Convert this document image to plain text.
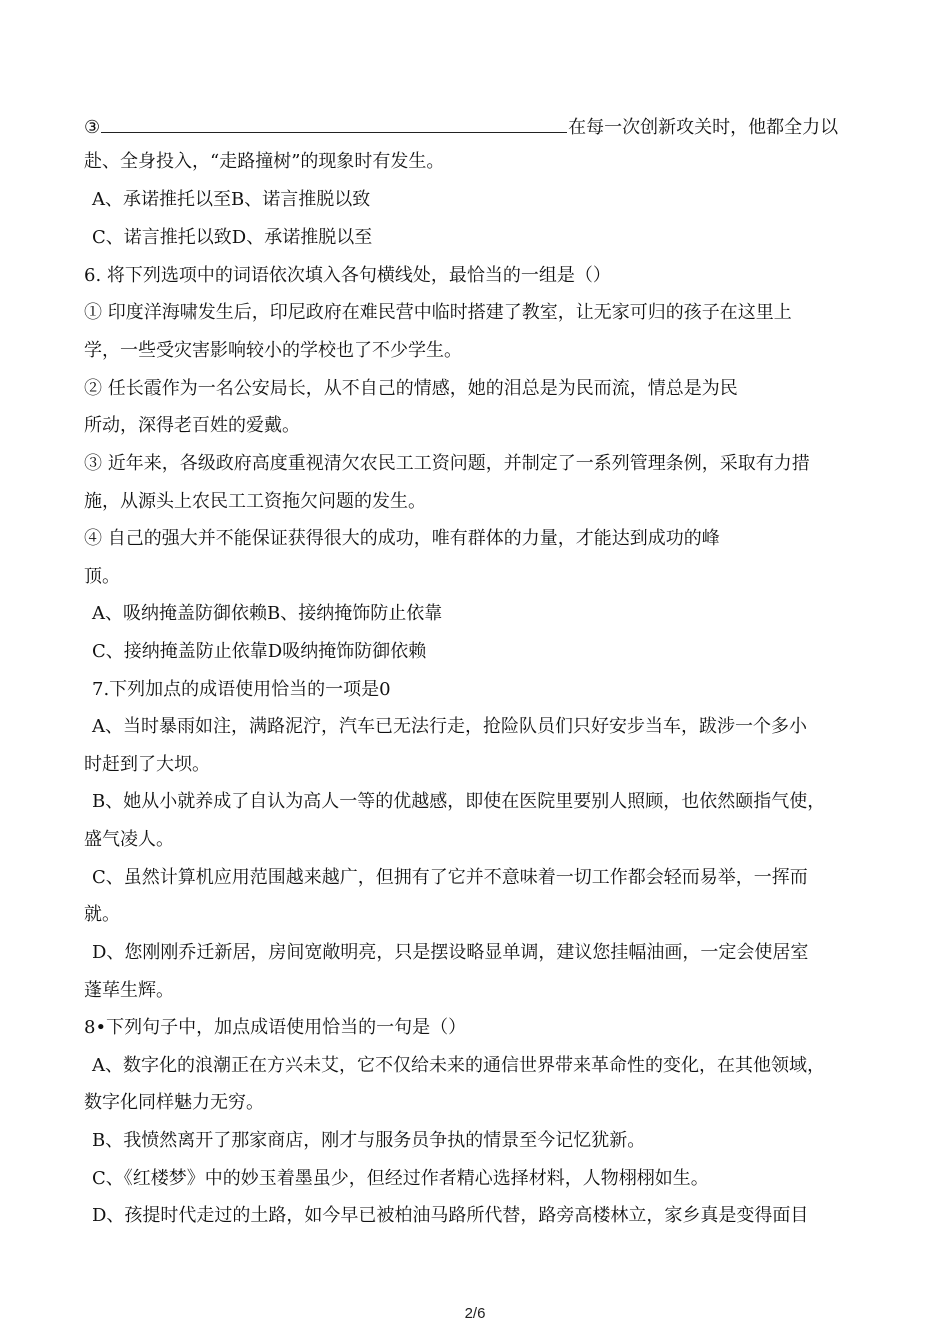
③	在每一次创新攻关时，他都全力以
赴、全身投入，“走路撞树”的现象时有发生。
A、承诺推托以至B、诺言推脱以致
C、诺言推托以致D、承诺推脱以至
6. 将下列选项中的词语依次填入各句横线处，最恰当的一组是（）
① 印度洋海啸发生后，印尼政府在难民营中临时搭建了教室，让无家可归的孩子在这里上
学，一些受灾害影响较小的学校也了不少学生。
② 任长霞作为一名公安局长，从不自己的情感，她的泪总是为民而流，情总是为民
所动，深得老百姓的爱戴。
③ 近年来，各级政府高度重视清欠农民工工资问题，并制定了一系列管理条例，采取有力措
施，从源头上农民工工资拖欠问题的发生。
④ 自己的强大并不能保证获得很大的成功，唯有群体的力量，才能达到成功的峰
顶。
A、吸纳掩盖防御依赖B、接纳掩饰防止依靠
C、接纳掩盖防止依靠D吸纳掩饰防御依赖
7.下列加点的成语使用恰当的一项是0
A、当时暴雨如注，满路泥泞，汽车已无法行走，抢险队员们只好安步当车，跋涉一个多小
时赶到了大坝。
B、她从小就养成了自认为高人一等的优越感，即使在医院里要别人照顾，也依然颐指气使，
盛气凌人。
C、虽然计算机应用范围越来越广，但拥有了它并不意味着一切工作都会轻而易举，一挥而
就。
D、您刚刚乔迁新居，房间宽敞明亮，只是摆设略显单调，建议您挂幅油画，一定会使居室
蓬荜生辉。
8•下列句子中，加点成语使用恰当的一句是（）
A、数字化的浪潮正在方兴未艾，它不仅给未来的通信世界带来革命性的变化，在其他领域，
数字化同样魅力无穷。
B、我愤然离开了那家商店，刚才与服务员争执的情景至今记忆犹新。
C、《红楼梦》中的妙玉着墨虽少，但经过作者精心选择材料，人物栩栩如生。
D、孩提时代走过的土路，如今早已被柏油马路所代替，路旁高楼林立，家乡真是变得面目
2/6
